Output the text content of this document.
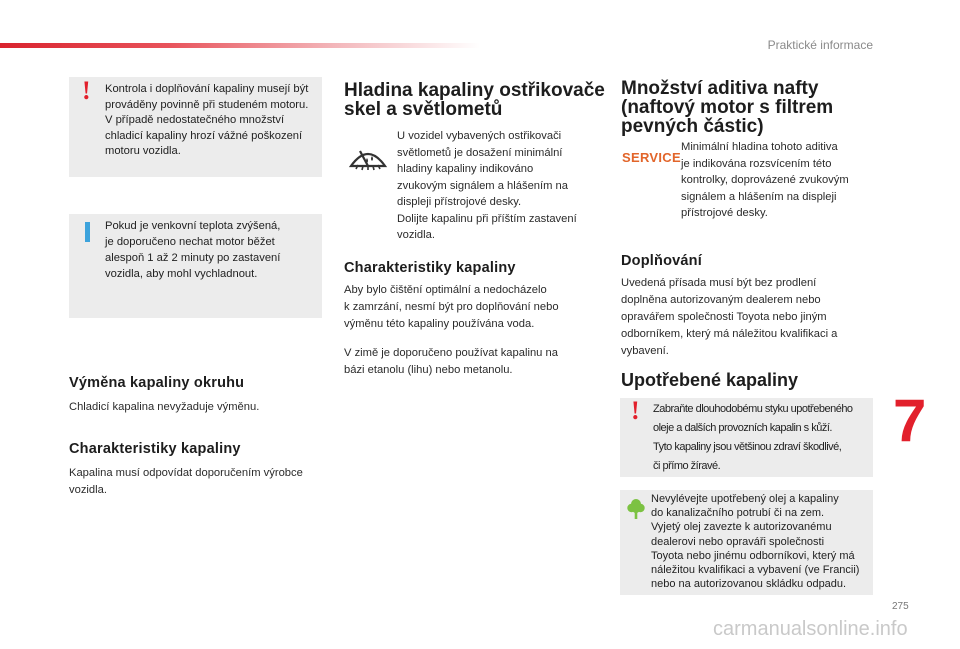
Praktické informace
! Kontrola i doplňování kapaliny musejí být
prováděny povinně při studeném motoru.
V případě nedostatečného množství
chladicí kapaliny hrozí vážné poškození
motoru vozidla.
Pokud je venkovní teplota zvýšená,
je doporučeno nechat motor běžet
alespoň 1 až 2 minuty po zastavení
vozidla, aby mohl vychladnout.
Výměna kapaliny okruhu
Chladicí kapalina nevyžaduje výměnu.
Charakteristiky kapaliny
Kapalina musí odpovídat doporučením výrobce
vozidla.
Hladina kapaliny ostřikovače
skel a světlometů
U vozidel vybavených ostřikovači
světlometů je dosažení minimální
hladiny kapaliny indikováno
zvukovým signálem a hlášením na
displeji přístrojové desky.
Dolijte kapalinu při příštím zastavení
vozidla.
Charakteristiky kapaliny
Aby bylo čištění optimální a nedocházelo
k zamrzání, nesmí být pro doplňování nebo
výměnu této kapaliny používána voda.
V zimě je doporučeno používat kapalinu na
bázi etanolu (lihu) nebo metanolu.
Množství aditiva nafty
(naftový motor s filtrem
pevných částic)
SERVICE
Minimální hladina tohoto aditiva
je indikována rozsvícením této
kontrolky, doprovázené zvukovým
signálem a hlášením na displeji
přístrojové desky.
Doplňování
Uvedená přísada musí být bez prodlení
doplněna autorizovaným dealerem nebo
opravářem společnosti Toyota nebo jiným
odborníkem, který má náležitou kvalifikaci a
vybavení.
Upotřebené kapaliny
! Zabraňte dlouhodobému styku upotřebeného
oleje a dalších provozních kapalin s kůží.
Tyto kapaliny jsou většinou zdraví škodlivé,
či přímo žíravé.
Nevylévejte upotřebený olej a kapaliny
do kanalizačního potrubí či na zem.
Vyjetý olej zavezte k autorizovanému
dealerovi nebo opraváři společnosti
Toyota nebo jinému odborníkovi, který má
náležitou kvalifikaci a vybavení (ve Francii)
nebo na autorizovanou skládku odpadu.
7
275
carmanualsonline.info
